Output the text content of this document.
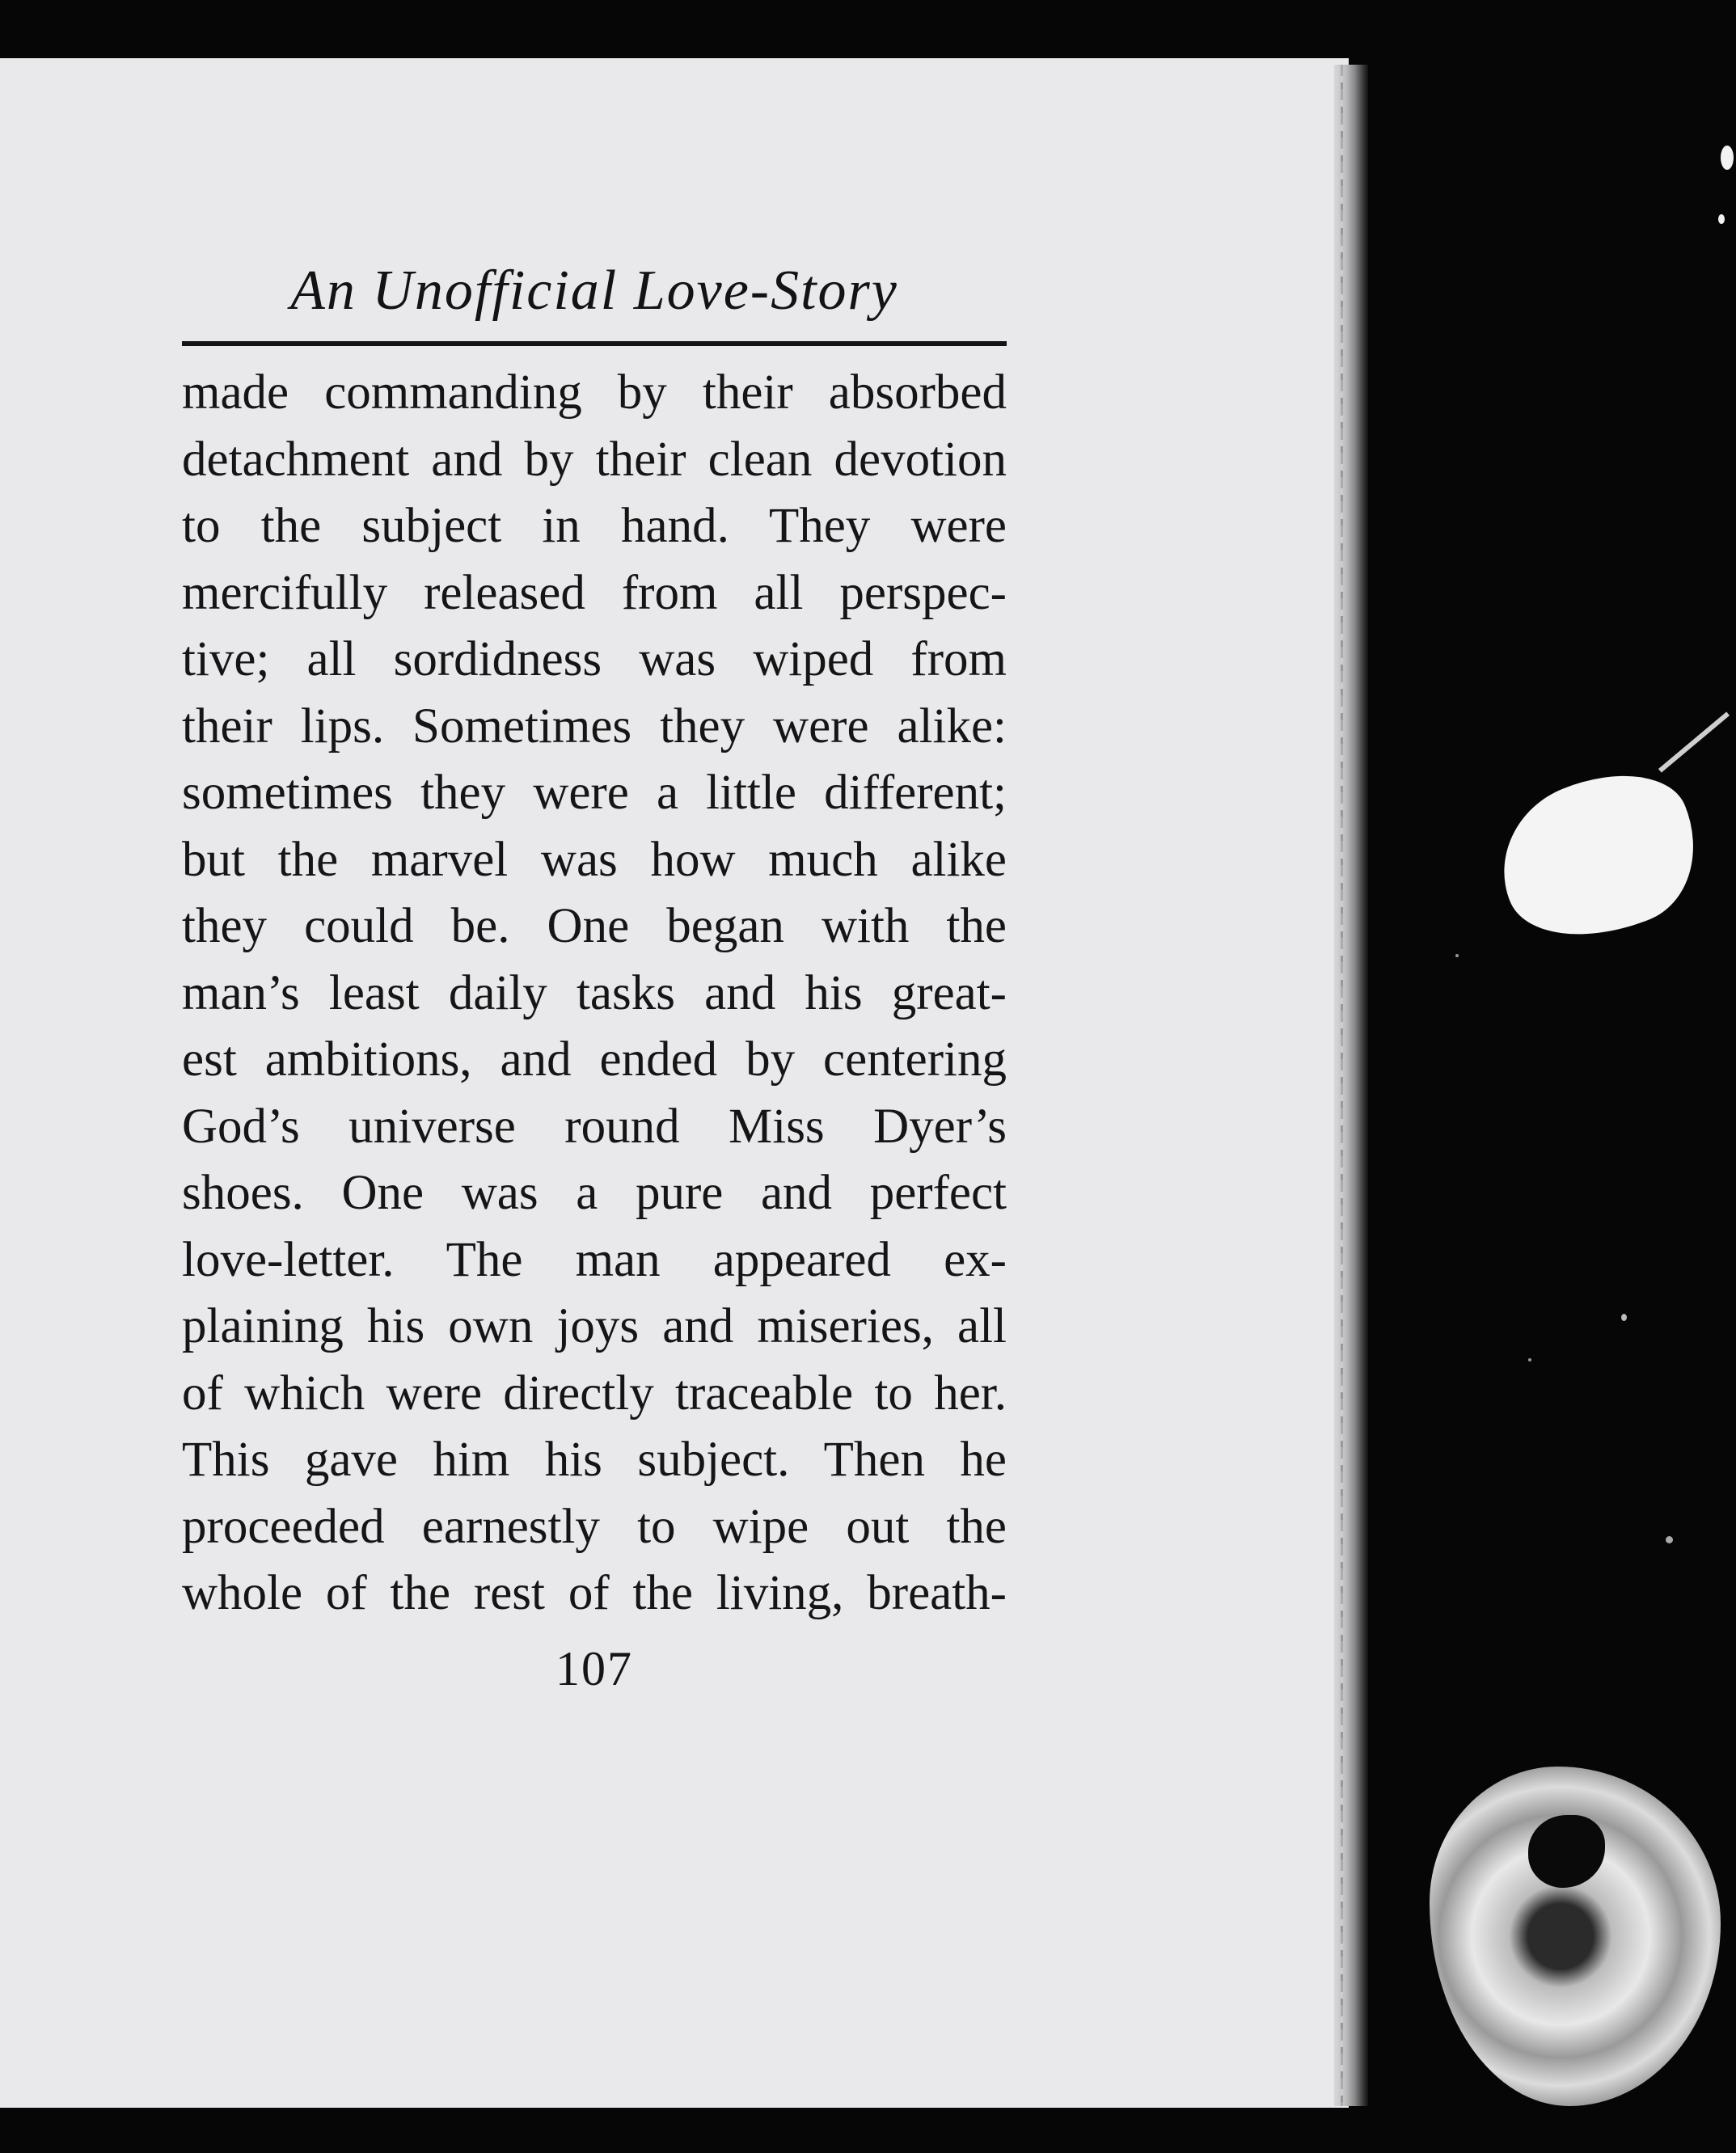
An Unofficial Love-Story
made commanding by their absorbed
detachment and by their clean devotion
to the subject in hand. They were
mercifully released from all perspec-
tive; all sordidness was wiped from
their lips. Sometimes they were alike:
sometimes they were a little different;
but the marvel was how much alike
they could be. One began with the
man’s least daily tasks and his great-
est ambitions, and ended by centering
God’s universe round Miss Dyer’s
shoes. One was a pure and perfect
love-letter. The man appeared ex-
plaining his own joys and miseries, all
of which were directly traceable to her.
This gave him his subject. Then he
proceeded earnestly to wipe out the
whole of the rest of the living, breath-
107
